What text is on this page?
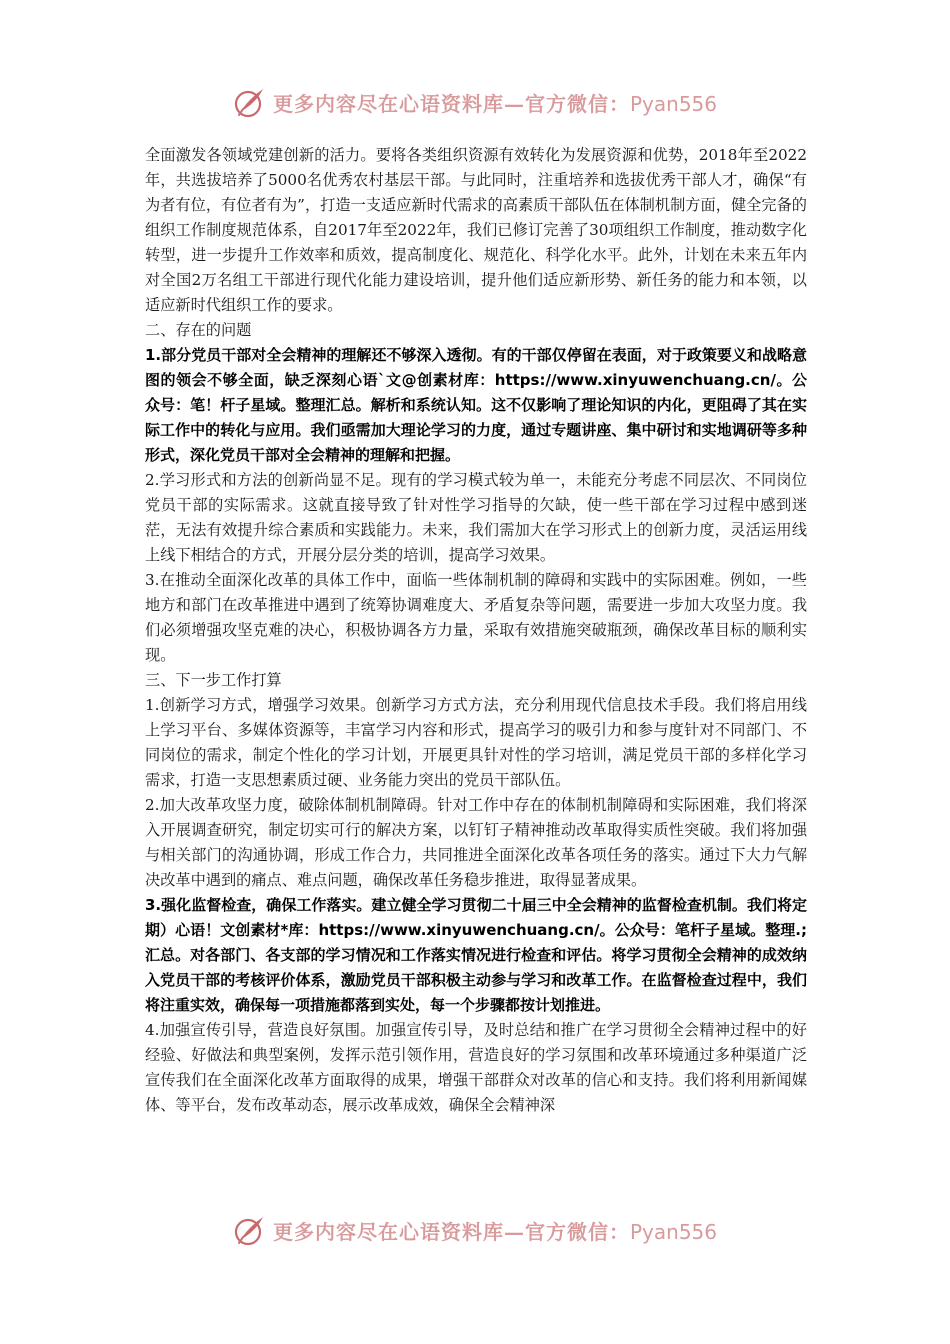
更多内容尽在心语资料库—官方微信：Pyan556

全面激发各领域党建创新的活力。要将各类组织资源有效转化为发展资源和优势，2018年至2022年，共选拔培养了5000名优秀农村基层干部。与此同时，注重培养和选拔优秀干部人才，确保“有为者有位，有位者有为”，打造一支适应新时代需求的高素质干部队伍在体制机制方面，健全完备的组织工作制度规范体系，自2017年至2022年，我们已修订完善了30项组织工作制度，推动数字化转型，进一步提升工作效率和质效，提高制度化、规范化、科学化水平。此外，计划在未来五年内对全国2万名组工干部进行现代化能力建设培训，提升他们适应新形势、新任务的能力和本领，以适应新时代组织工作的要求。

二、存在的问题

1.部分党员干部对全会精神的理解还不够深入透彻。有的干部仅停留在表面，对于政策要义和战略意图的领会不够全面，缺乏深刻心语`文@创素材库：https://www.xinyuwenchuang.cn/。公众号：笔！杆子星域。整理汇总。解析和系统认知。这不仅影响了理论知识的内化，更阻碍了其在实际工作中的转化与应用。我们亟需加大理论学习的力度，通过专题讲座、集中研讨和实地调研等多种形式，深化党员干部对全会精神的理解和把握。

2.学习形式和方法的创新尚显不足。现有的学习模式较为单一，未能充分考虑不同层次、不同岗位党员干部的实际需求。这就直接导致了针对性学习指导的欠缺，使一些干部在学习过程中感到迷茫，无法有效提升综合素质和实践能力。未来，我们需加大在学习形式上的创新力度，灵活运用线上线下相结合的方式，开展分层分类的培训，提高学习效果。

3.在推动全面深化改革的具体工作中，面临一些体制机制的障碍和实践中的实际困难。例如，一些地方和部门在改革推进中遇到了统筹协调难度大、矛盾复杂等问题，需要进一步加大攻坚力度。我们必须增强攻坚克难的决心，积极协调各方力量，采取有效措施突破瓶颈，确保改革目标的顺利实现。

三、下一步工作打算

1.创新学习方式，增强学习效果。创新学习方式方法，充分利用现代信息技术手段。我们将启用线上学习平台、多媒体资源等，丰富学习内容和形式，提高学习的吸引力和参与度针对不同部门、不同岗位的需求，制定个性化的学习计划，开展更具针对性的学习培训，满足党员干部的多样化学习需求，打造一支思想素质过硬、业务能力突出的党员干部队伍。

2.加大改革攻坚力度，破除体制机制障碍。针对工作中存在的体制机制障碍和实际困难，我们将深入开展调查研究，制定切实可行的解决方案，以钉钉子精神推动改革取得实质性突破。我们将加强与相关部门的沟通协调，形成工作合力，共同推进全面深化改革各项任务的落实。通过下大力气解决改革中遇到的痛点、难点问题，确保改革任务稳步推进，取得显著成果。

3.强化监督检查，确保工作落实。建立健全学习贯彻二十届三中全会精神的监督检查机制。我们将定期）心语！文创素材*库：https://www.xinyuwenchuang.cn/。公众号：笔杆子星域。整理.;汇总。对各部门、各支部的学习情况和工作落实情况进行检查和评估。将学习贯彻全会精神的成效纳入党员干部的考核评价体系，激励党员干部积极主动参与学习和改革工作。在监督检查过程中，我们将注重实效，确保每一项措施都落到实处，每一个步骤都按计划推进。

4.加强宣传引导，营造良好氛围。加强宣传引导，及时总结和推广在学习贯彻全会精神过程中的好经验、好做法和典型案例，发挥示范引领作用，营造良好的学习氛围和改革环境通过多种渠道广泛宣传我们在全面深化改革方面取得的成果，增强干部群众对改革的信心和支持。我们将利用新闻媒体、等平台，发布改革动态，展示改革成效，确保全会精神深

更多内容尽在心语资料库—官方微信：Pyan556
